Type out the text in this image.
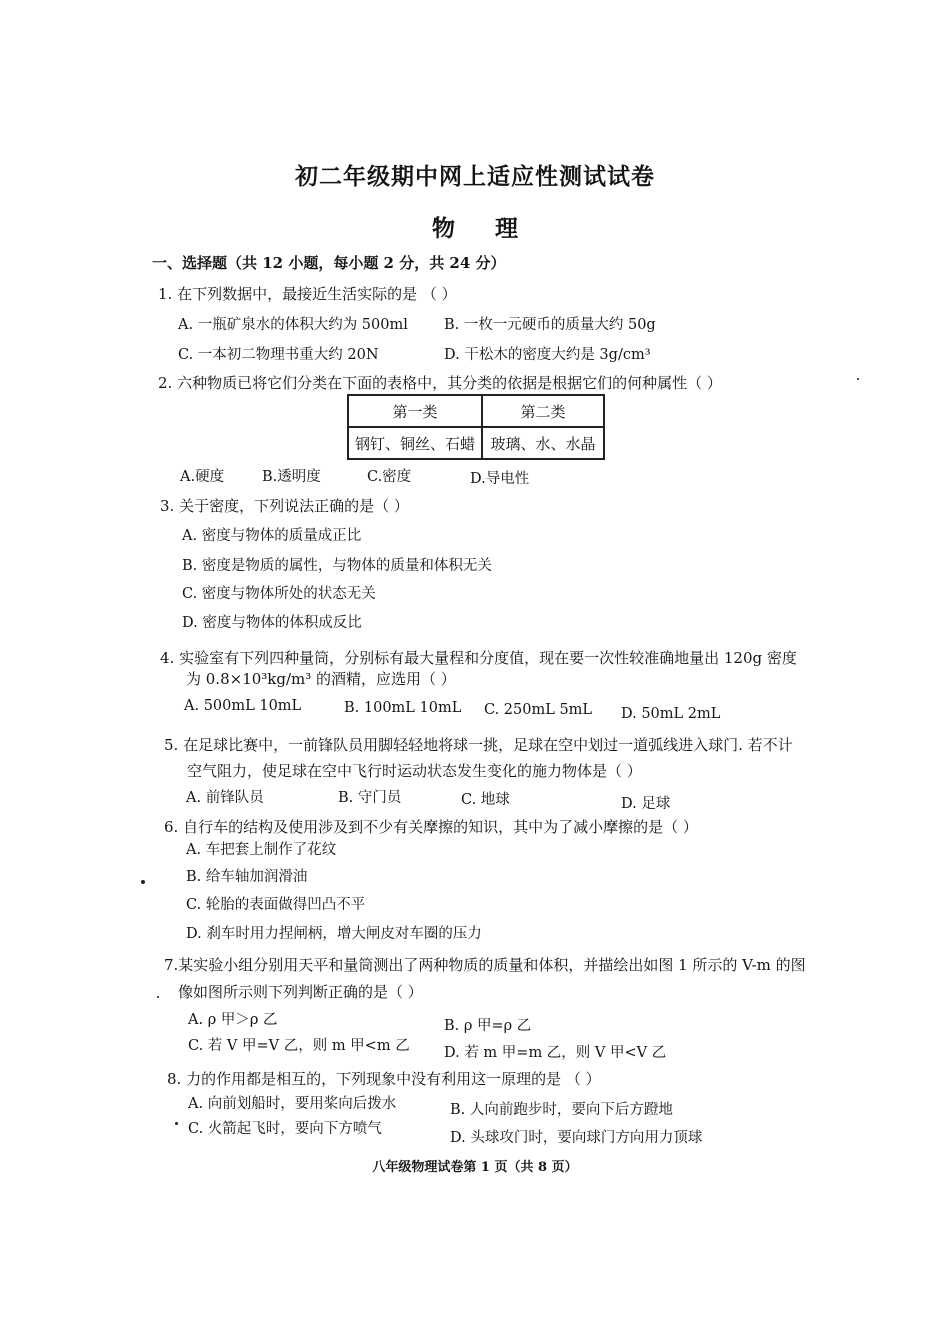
初二年级期中网上适应性测试试卷
物理
一、选择题（共 12 小题，每小题 2 分，共 24 分）
1. 在下列数据中，最接近生活实际的是 （ ）
A. 一瓶矿泉水的体积大约为 500ml B. 一枚一元硬币的质量大约 50g
C. 一本初二物理书重大约 20N	D. 干松木的密度大约是 3g/cm³
2. 六种物质已将它们分类在下面的表格中，其分类的依据是根据它们的何种属性（ ）
第一类	第二类
钢钉、铜丝、石蜡	玻璃、水、水晶
A.硬度	B.透明度	C.密度	D.导电性
3. 关于密度，下列说法正确的是（ ）
A. 密度与物体的质量成正比
B. 密度是物质的属性，与物体的质量和体积无关
C. 密度与物体所处的状态无关
D. 密度与物体的体积成反比
4. 实验室有下列四种量筒，分别标有最大量程和分度值，现在要一次性较准确地量出 120g 密度
为 0.8×10³kg/m³ 的酒精，应选用（ ）
A. 500mL 10mL	B. 100mL 10mL C. 250mL 5mL D. 50mL 2mL
5. 在足球比赛中，一前锋队员用脚轻轻地将球一挑，足球在空中划过一道弧线进入球门. 若不计
空气阻力，使足球在空中飞行时运动状态发生变化的施力物体是（ ）
A. 前锋队员	B. 守门员	C. 地球	D. 足球
6. 自行车的结构及使用涉及到不少有关摩擦的知识，其中为了减小摩擦的是（ ）
A. 车把套上制作了花纹
B. 给车轴加润滑油
C. 轮胎的表面做得凹凸不平
D. 刹车时用力捏闸柄，增大闸皮对车圈的压力
7.某实验小组分别用天平和量筒测出了两种物质的质量和体积，并描绘出如图 1 所示的 V-m 的图
像如图所示则下列判断正确的是（ ）
A. ρ 甲＞ρ 乙	B. ρ 甲=ρ 乙
C. 若 V 甲=V 乙，则 m 甲<m 乙 D. 若 m 甲=m 乙，则 V 甲<V 乙
8. 力的作用都是相互的，下列现象中没有利用这一原理的是 （ ）
A. 向前划船时，要用桨向后拨水	B. 人向前跑步时，要向下后方蹬地
C. 火箭起飞时，要向下方喷气
D. 头球攻门时，要向球门方向用力顶球
八年级物理试卷第 1 页（共 8 页）
